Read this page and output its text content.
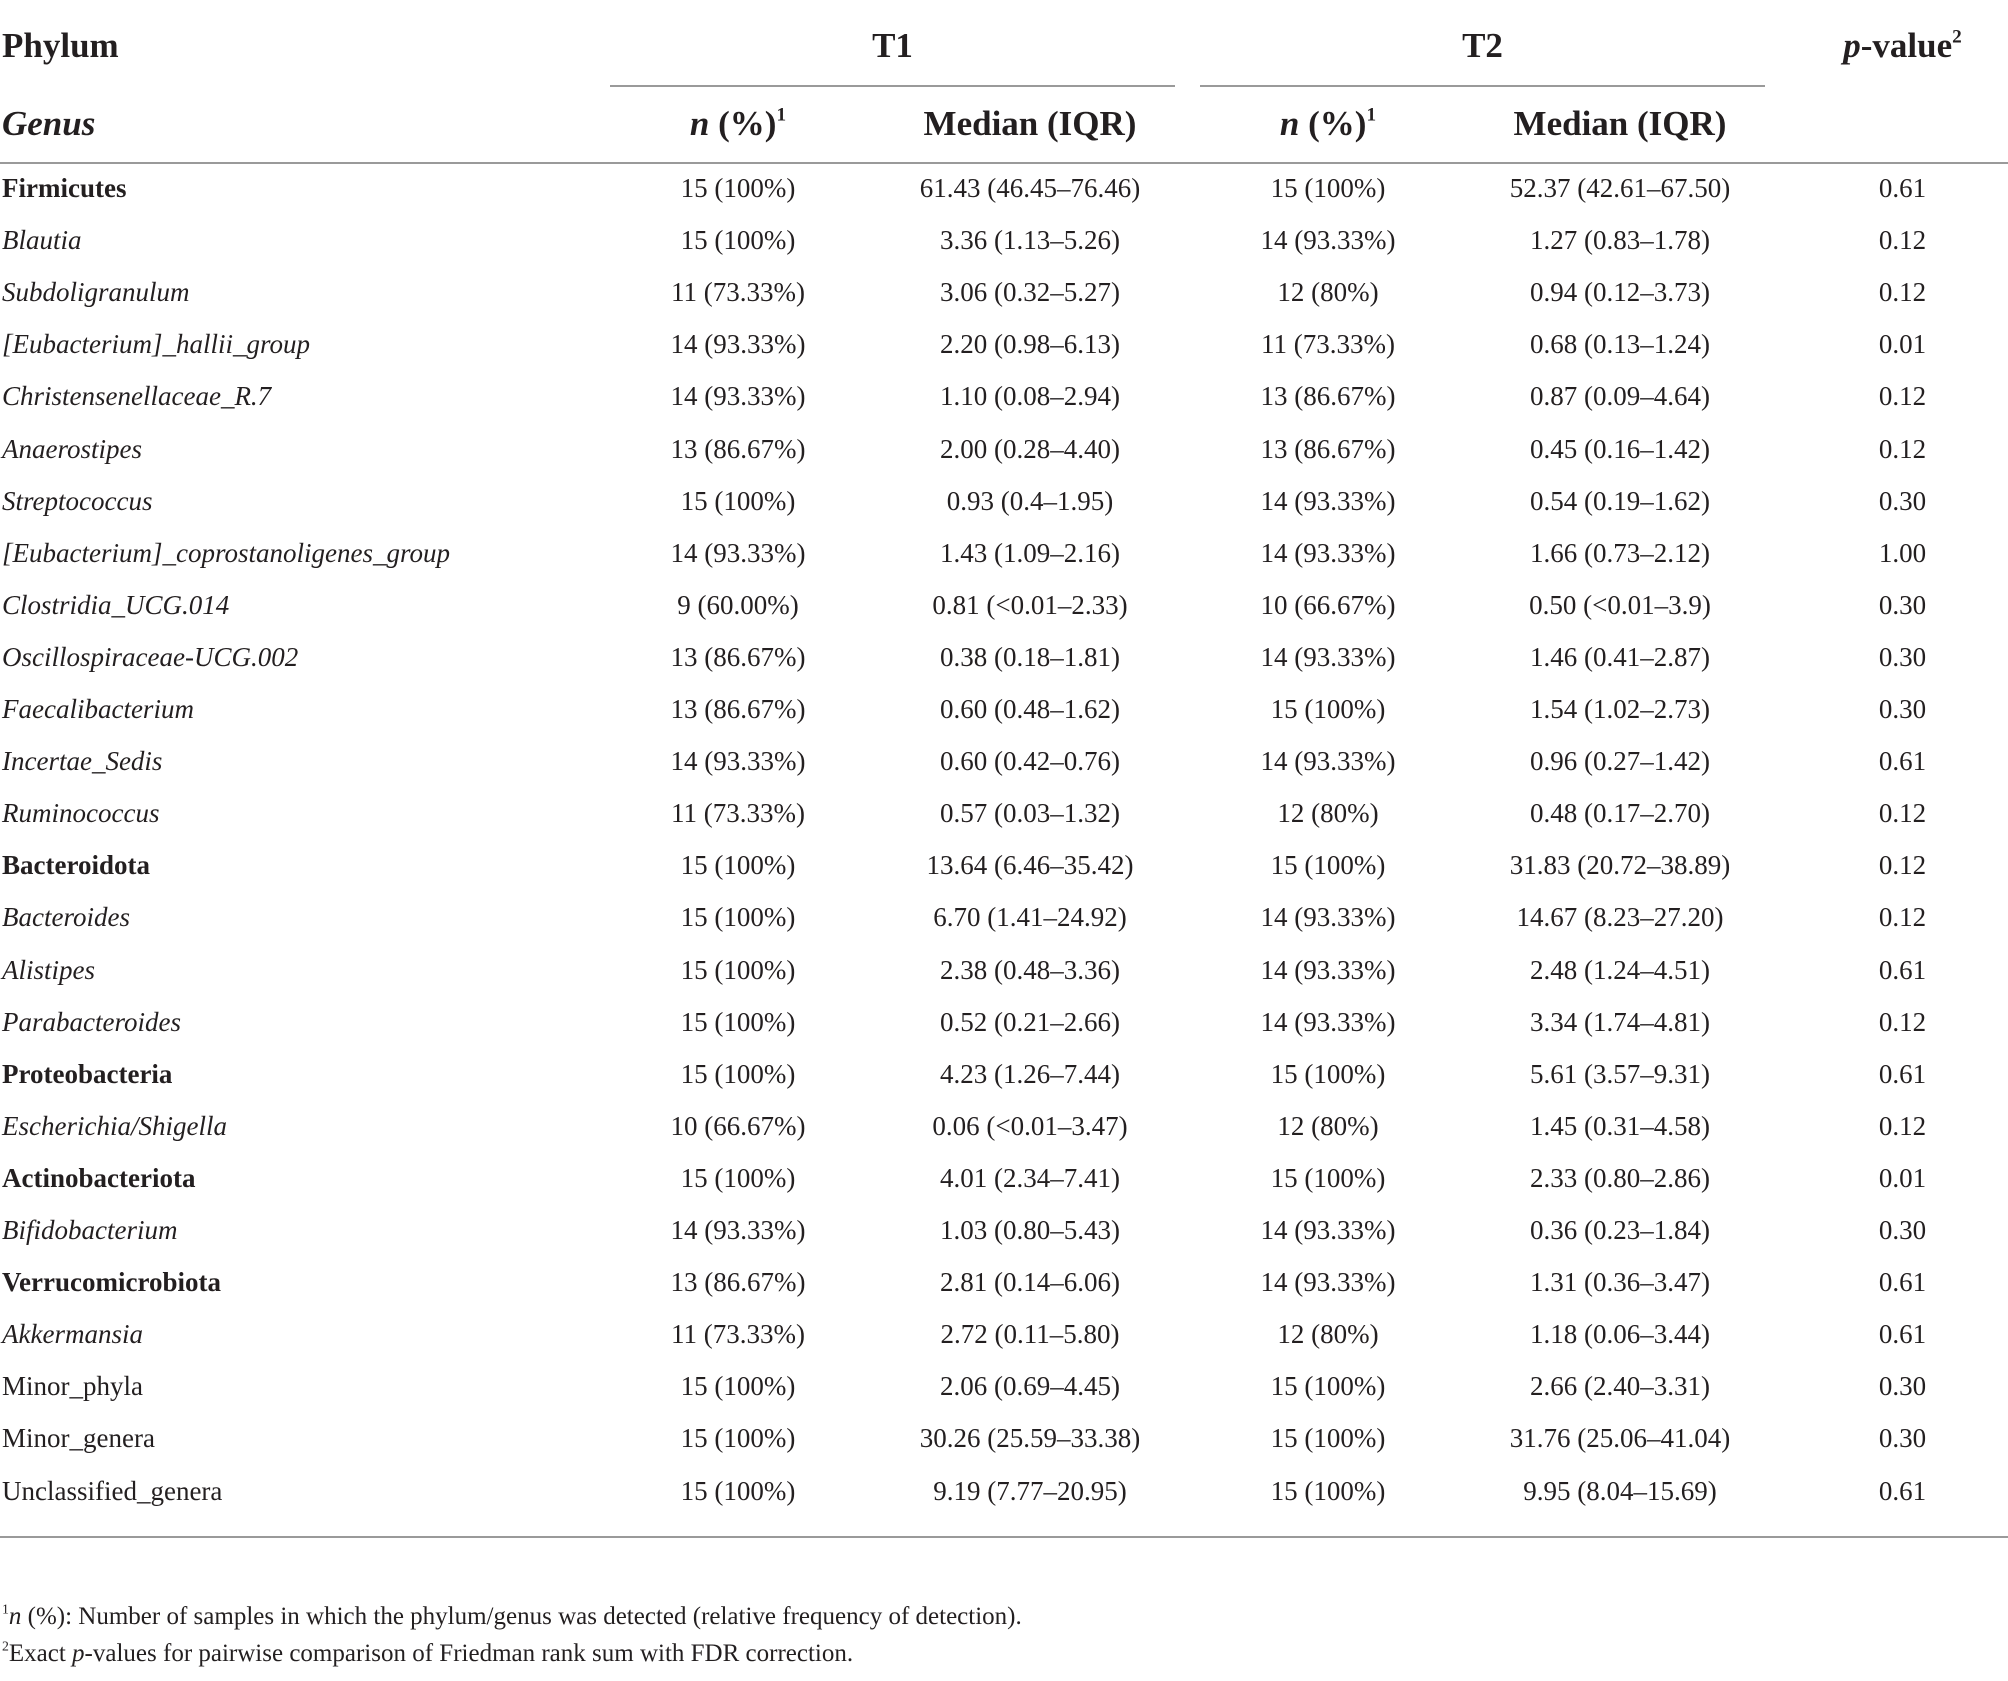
Phylum	T1	T2	p-value$^2$
Genus	n (%)$^1$	Median (IQR)	n (%)$^1$	Median (IQR)
Firmicutes	15 (100%)	61.43 (46.45–76.46)	15 (100%)	52.37 (42.61–67.50)	0.61
Blautia	15 (100%)	3.36 (1.13–5.26)	14 (93.33%)	1.27 (0.83–1.78)	0.12
Subdoligranulum	11 (73.33%)	3.06 (0.32–5.27)	12 (80%)	0.94 (0.12–3.73)	0.12
[Eubacterium]_hallii_group	14 (93.33%)	2.20 (0.98–6.13)	11 (73.33%)	0.68 (0.13–1.24)	0.01
Christensenellaceae_R.7	14 (93.33%)	1.10 (0.08–2.94)	13 (86.67%)	0.87 (0.09–4.64)	0.12
Anaerostipes	13 (86.67%)	2.00 (0.28–4.40)	13 (86.67%)	0.45 (0.16–1.42)	0.12
Streptococcus	15 (100%)	0.93 (0.4–1.95)	14 (93.33%)	0.54 (0.19–1.62)	0.30
[Eubacterium]_coprostanoligenes_group	14 (93.33%)	1.43 (1.09–2.16)	14 (93.33%)	1.66 (0.73–2.12)	1.00
Clostridia_UCG.014	9 (60.00%)	0.81 (<0.01–2.33)	10 (66.67%)	0.50 (<0.01–3.9)	0.30
Oscillospiraceae-UCG.002	13 (86.67%)	0.38 (0.18–1.81)	14 (93.33%)	1.46 (0.41–2.87)	0.30
Faecalibacterium	13 (86.67%)	0.60 (0.48–1.62)	15 (100%)	1.54 (1.02–2.73)	0.30
Incertae_Sedis	14 (93.33%)	0.60 (0.42–0.76)	14 (93.33%)	0.96 (0.27–1.42)	0.61
Ruminococcus	11 (73.33%)	0.57 (0.03–1.32)	12 (80%)	0.48 (0.17–2.70)	0.12
Bacteroidota	15 (100%)	13.64 (6.46–35.42)	15 (100%)	31.83 (20.72–38.89)	0.12
Bacteroides	15 (100%)	6.70 (1.41–24.92)	14 (93.33%)	14.67 (8.23–27.20)	0.12
Alistipes	15 (100%)	2.38 (0.48–3.36)	14 (93.33%)	2.48 (1.24–4.51)	0.61
Parabacteroides	15 (100%)	0.52 (0.21–2.66)	14 (93.33%)	3.34 (1.74–4.81)	0.12
Proteobacteria	15 (100%)	4.23 (1.26–7.44)	15 (100%)	5.61 (3.57–9.31)	0.61
Escherichia/Shigella	10 (66.67%)	0.06 (<0.01–3.47)	12 (80%)	1.45 (0.31–4.58)	0.12
Actinobacteriota	15 (100%)	4.01 (2.34–7.41)	15 (100%)	2.33 (0.80–2.86)	0.01
Bifidobacterium	14 (93.33%)	1.03 (0.80–5.43)	14 (93.33%)	0.36 (0.23–1.84)	0.30
Verrucomicrobiota	13 (86.67%)	2.81 (0.14–6.06)	14 (93.33%)	1.31 (0.36–3.47)	0.61
Akkermansia	11 (73.33%)	2.72 (0.11–5.80)	12 (80%)	1.18 (0.06–3.44)	0.61
Minor_phyla	15 (100%)	2.06 (0.69–4.45)	15 (100%)	2.66 (2.40–3.31)	0.30
Minor_genera	15 (100%)	30.26 (25.59–33.38)	15 (100%)	31.76 (25.06–41.04)	0.30
Unclassified_genera	15 (100%)	9.19 (7.77–20.95)	15 (100%)	9.95 (8.04–15.69)	0.61
$^1$n (%): Number of samples in which the phylum/genus was detected (relative frequency of detection).
$^2$Exact p-values for pairwise comparison of Friedman rank sum with FDR correction.
